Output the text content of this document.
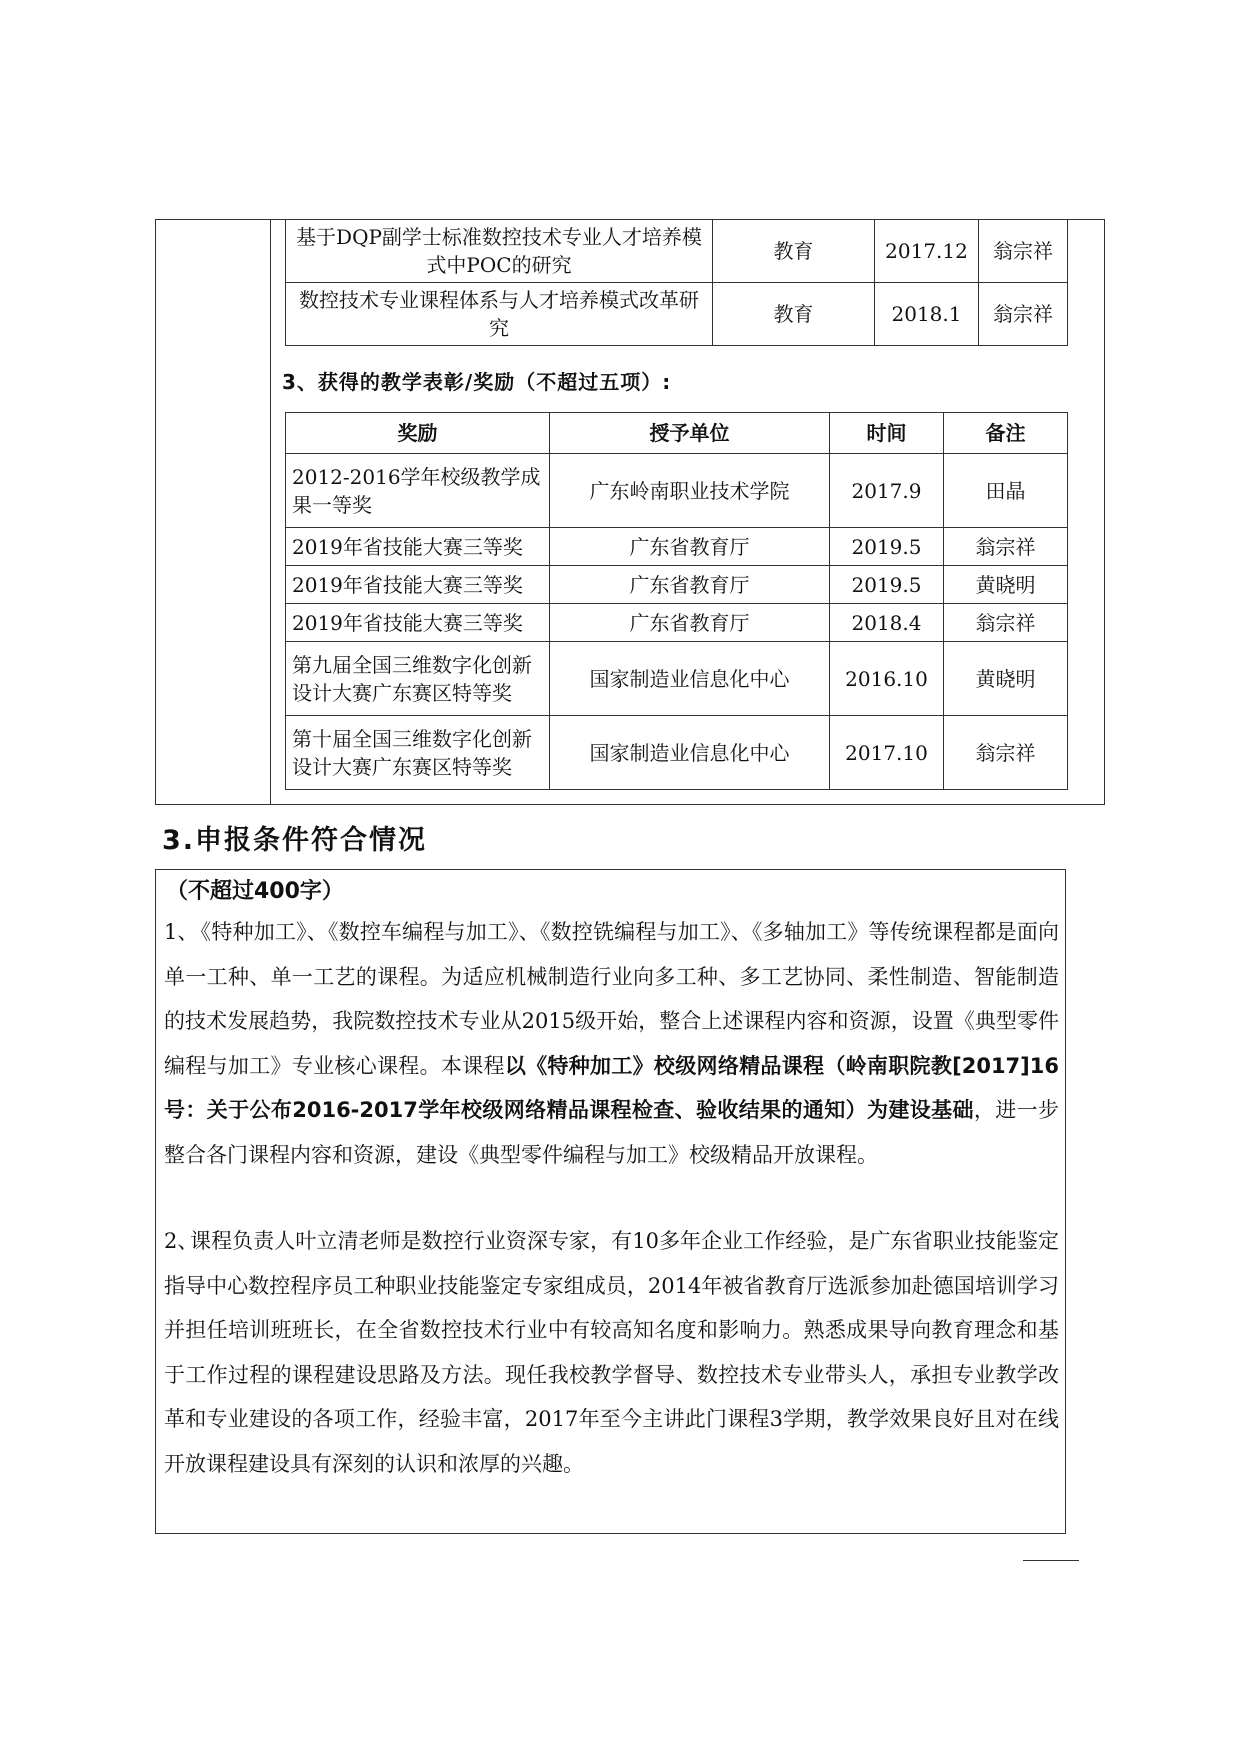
基于DQP副学士标准数控技术专业人才培养模式中POC的研究	教育	2017.12	翁宗祥
数控技术专业课程体系与人才培养模式改革研究	教育	2018.1	翁宗祥
3、获得的教学表彰/奖励（不超过五项）:
奖励	授予单位	时间	备注
2012-2016学年校级教学成果一等奖	广东岭南职业技术学院	2017.9	田晶
2019年省技能大赛三等奖	广东省教育厅	2019.5	翁宗祥
2019年省技能大赛三等奖	广东省教育厅	2019.5	黄晓明
2019年省技能大赛三等奖	广东省教育厅	2018.4	翁宗祥
第九届全国三维数字化创新设计大赛广东赛区特等奖	国家制造业信息化中心	2016.10	黄晓明
第十届全国三维数字化创新设计大赛广东赛区特等奖	国家制造业信息化中心	2017.10	翁宗祥
3.申报条件符合情况
（不超过400字）

1、《特种加工》、《数控车编程与加工》、《数控铣编程与加工》、《多轴加工》等传统课程都是面向单一工种、单一工艺的课程。为适应机械制造行业向多工种、多工艺协同、柔性制造、智能制造的技术发展趋势，我院数控技术专业从2015级开始，整合上述课程内容和资源，设置《典型零件编程与加工》专业核心课程。本课程以《特种加工》校级网络精品课程（岭南职院教[2017]16号：关于公布2016-2017学年校级网络精品课程检查、验收结果的通知）为建设基础，进一步整合各门课程内容和资源，建设《典型零件编程与加工》校级精品开放课程。

2、课程负责人叶立清老师是数控行业资深专家，有10多年企业工作经验，是广东省职业技能鉴定指导中心数控程序员工种职业技能鉴定专家组成员，2014年被省教育厅选派参加赴德国培训学习并担任培训班班长，在全省数控技术行业中有较高知名度和影响力。熟悉成果导向教育理念和基于工作过程的课程建设思路及方法。现任我校教学督导、数控技术专业带头人，承担专业教学改革和专业建设的各项工作，经验丰富，2017年至今主讲此门课程3学期，教学效果良好且对在线开放课程建设具有深刻的认识和浓厚的兴趣。
